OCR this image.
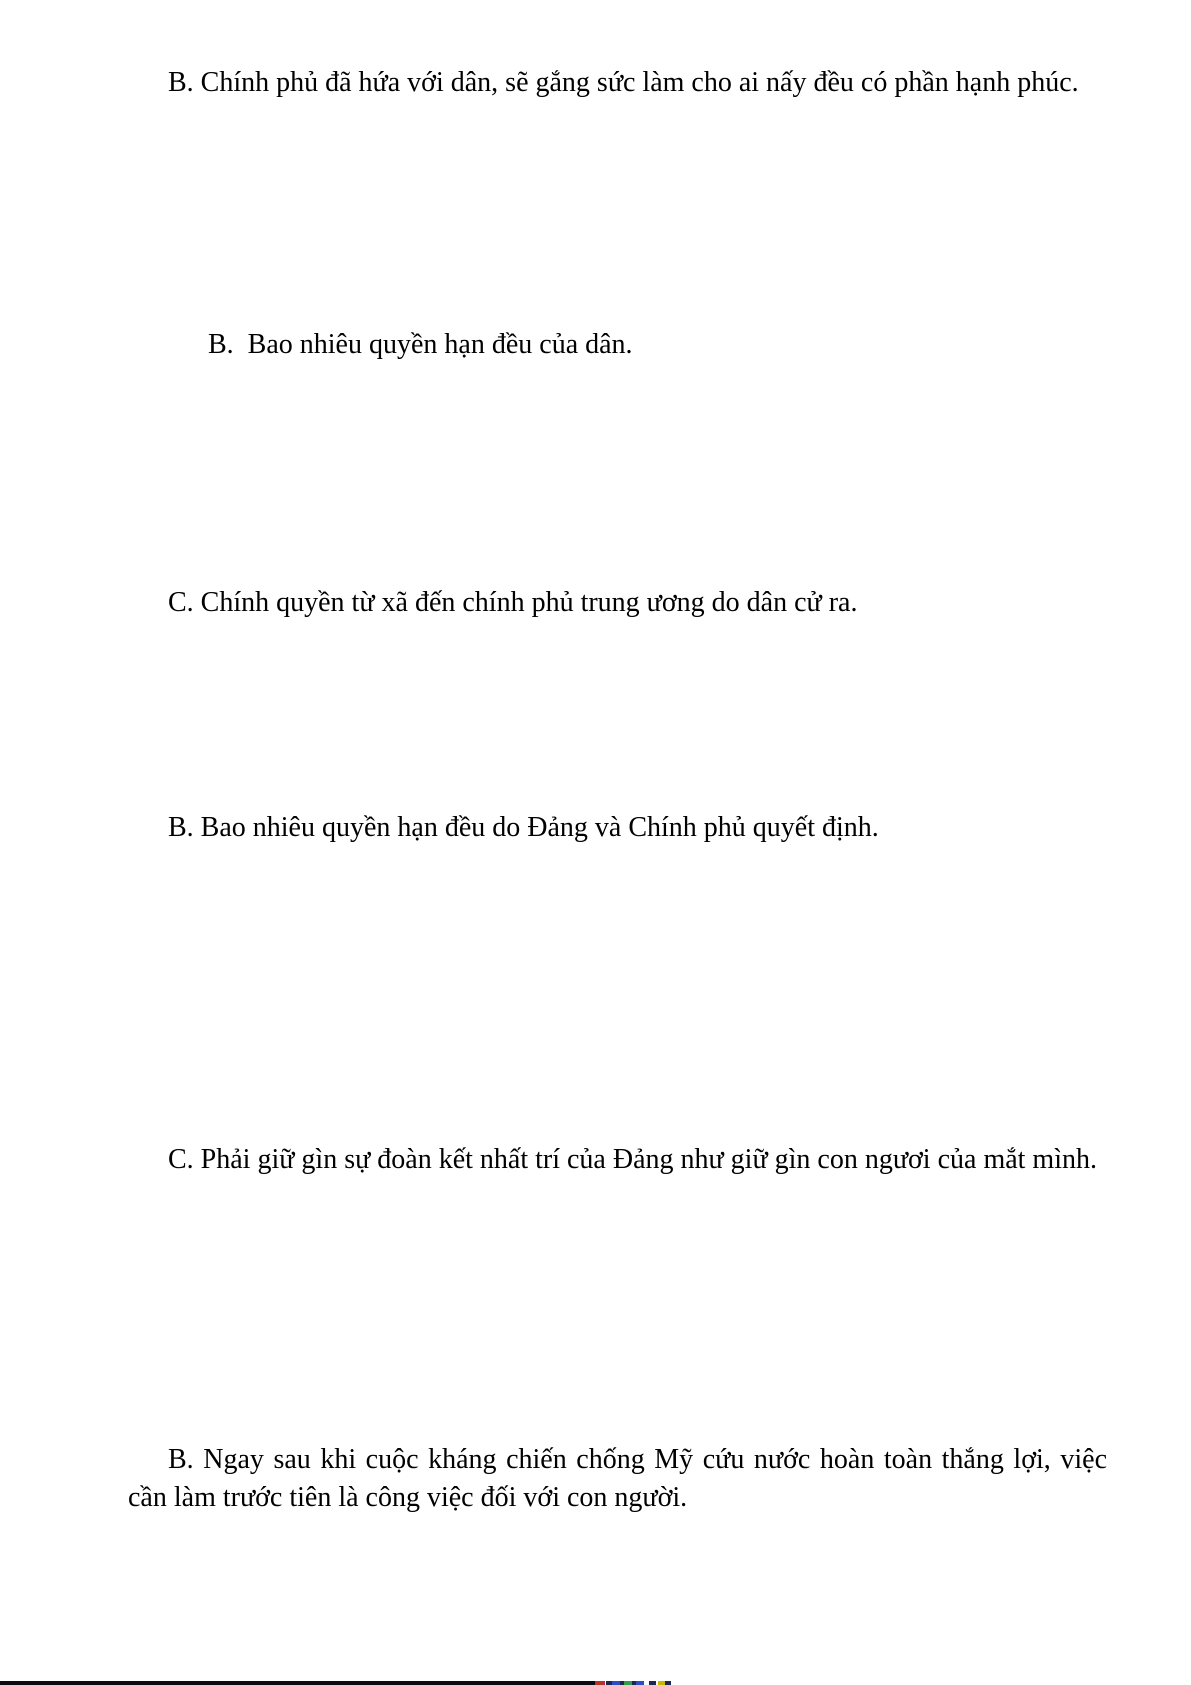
B. Chính phủ đã hứa với dân, sẽ gắng sức làm cho ai nấy đều có phần hạnh phúc.

B.  Bao nhiêu quyền hạn đều của dân.

C. Chính quyền từ xã đến chính phủ trung ương do dân cử ra.

B. Bao nhiêu quyền hạn đều do Đảng và Chính phủ quyết định.

C. Phải giữ gìn sự đoàn kết nhất trí của Đảng như giữ gìn con ngươi của mắt mình.

B. Ngay sau khi cuộc kháng chiến chống Mỹ cứu nước hoàn toàn thắng lợi, việc cần làm trước tiên là công việc đối với con người.
